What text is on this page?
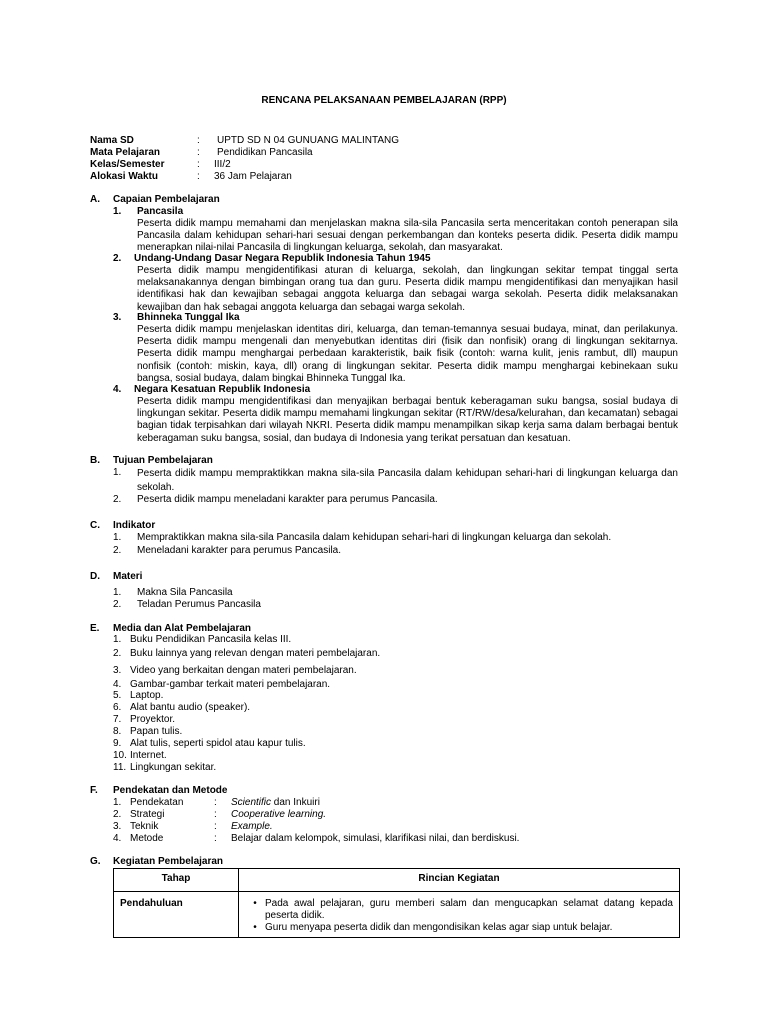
RENCANA PELAKSANAAN PEMBELAJARAN (RPP)
Nama SD	: UPTD SD N 04 GUNUANG MALINTANG
Mata Pelajaran	: Pendidikan Pancasila
Kelas/Semester	: III/2
Alokasi Waktu	: 36 Jam Pelajaran
A. Capaian Pembelajaran
1. Pancasila
Peserta didik mampu memahami dan menjelaskan makna sila-sila Pancasila serta menceritakan contoh penerapan sila Pancasila dalam kehidupan sehari-hari sesuai dengan perkembangan dan konteks peserta didik. Peserta didik mampu menerapkan nilai-nilai Pancasila di lingkungan keluarga, sekolah, dan masyarakat.
2. Undang-Undang Dasar Negara Republik Indonesia Tahun 1945
Peserta didik mampu mengidentifikasi aturan di keluarga, sekolah, dan lingkungan sekitar tempat tinggal serta melaksanakannya dengan bimbingan orang tua dan guru. Peserta didik mampu mengidentifikasi dan menyajikan hasil identifikasi hak dan kewajiban sebagai anggota keluarga dan sebagai warga sekolah. Peserta didik melaksanakan kewajiban dan hak sebagai anggota keluarga dan sebagai warga sekolah.
3. Bhinneka Tunggal Ika
Peserta didik mampu menjelaskan identitas diri, keluarga, dan teman-temannya sesuai budaya, minat, dan perilakunya. Peserta didik mampu mengenali dan menyebutkan identitas diri (fisik dan nonfisik) orang di lingkungan sekitarnya. Peserta didik mampu menghargai perbedaan karakteristik, baik fisik (contoh: warna kulit, jenis rambut, dll) maupun nonfisik (contoh: miskin, kaya, dll) orang di lingkungan sekitar. Peserta didik mampu menghargai kebinekaan suku bangsa, sosial budaya, dalam bingkai Bhinneka Tunggal Ika.
4. Negara Kesatuan Republik Indonesia
Peserta didik mampu mengidentifikasi dan menyajikan berbagai bentuk keberagaman suku bangsa, sosial budaya di lingkungan sekitar. Peserta didik mampu memahami lingkungan sekitar (RT/RW/desa/kelurahan, dan kecamatan) sebagai bagian tidak terpisahkan dari wilayah NKRI. Peserta didik mampu menampilkan sikap kerja sama dalam berbagai bentuk keberagaman suku bangsa, sosial, dan budaya di Indonesia yang terikat persatuan dan kesatuan.
B. Tujuan Pembelajaran
1. Peserta didik mampu mempraktikkan makna sila-sila Pancasila dalam kehidupan sehari-hari di lingkungan keluarga dan sekolah.
2. Peserta didik mampu meneladani karakter para perumus Pancasila.
C. Indikator
1. Mempraktikkan makna sila-sila Pancasila dalam kehidupan sehari-hari di lingkungan keluarga dan sekolah.
2. Meneladani karakter para perumus Pancasila.
D. Materi
1. Makna Sila Pancasila
2. Teladan Perumus Pancasila
E. Media dan Alat Pembelajaran
1. Buku Pendidikan Pancasila kelas III.
2. Buku lainnya yang relevan dengan materi pembelajaran.
3. Video yang berkaitan dengan materi pembelajaran.
4. Gambar-gambar terkait materi pembelajaran.
5. Laptop.
6. Alat bantu audio (speaker).
7. Proyektor.
8. Papan tulis.
9. Alat tulis, seperti spidol atau kapur tulis.
10. Internet.
11. Lingkungan sekitar.
F. Pendekatan dan Metode
1. Pendekatan	: Scientific dan Inkuiri
2. Strategi	: Cooperative learning.
3. Teknik	: Example.
4. Metode	: Belajar dalam kelompok, simulasi, klarifikasi nilai, dan berdiskusi.
G. Kegiatan Pembelajaran
Tahap	Rincian Kegiatan
Pendahuluan	• Pada awal pelajaran, guru memberi salam dan mengucapkan selamat datang kepada peserta didik.
• Guru menyapa peserta didik dan mengondisikan kelas agar siap untuk belajar.
